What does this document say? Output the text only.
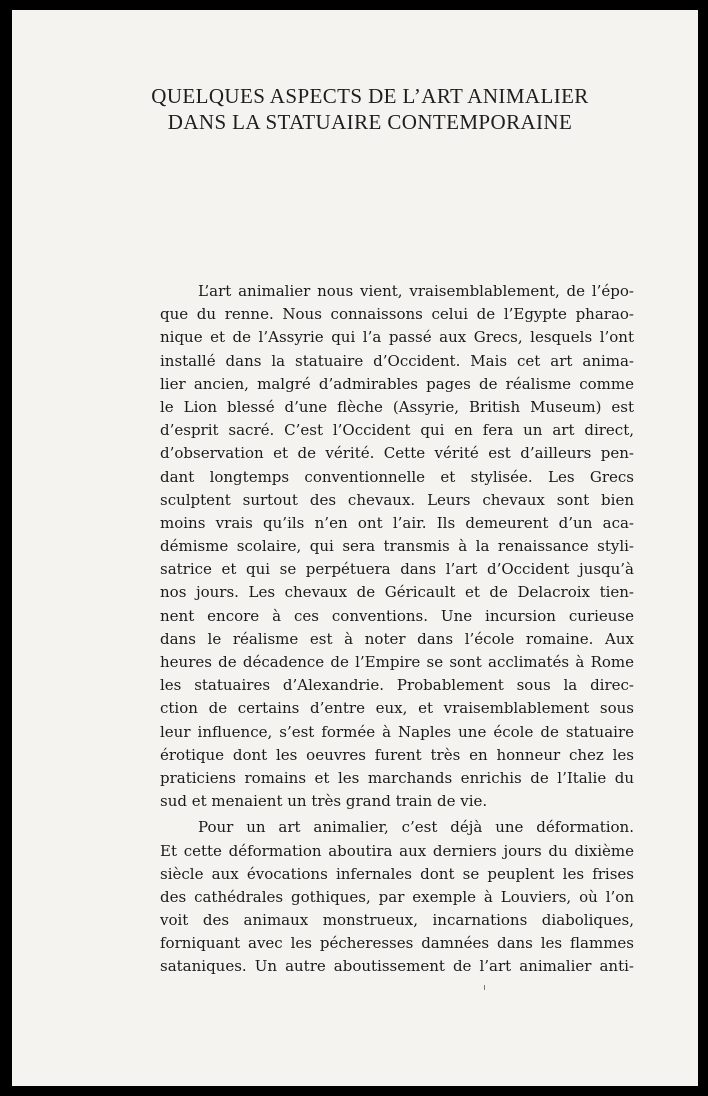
QUELQUES ASPECTS DE L’ART ANIMALIER
DANS LA STATUAIRE CONTEMPORAINE
L’art animalier nous vient, vraisemblablement, de l’épo-
que du renne. Nous connaissons celui de l’Egypte pharao-
nique et de l’Assyrie qui l’a passé aux Grecs, lesquels l’ont
installé dans la statuaire d’Occident. Mais cet art anima-
lier ancien, malgré d’admirables pages de réalisme comme
le Lion blessé d’une flèche (Assyrie, British Museum) est
d’esprit sacré. C’est l’Occident qui en fera un art direct,
d’observation et de vérité. Cette vérité est d’ailleurs pen-
dant longtemps conventionnelle et stylisée. Les Grecs
sculptent surtout des chevaux. Leurs chevaux sont bien
moins vrais qu’ils n’en ont l’air. Ils demeurent d’un aca-
démisme scolaire, qui sera transmis à la renaissance styli-
satrice et qui se perpétuera dans l’art d’Occident jusqu’à
nos jours. Les chevaux de Géricault et de Delacroix tien-
nent encore à ces conventions. Une incursion curieuse
dans le réalisme est à noter dans l’école romaine. Aux
heures de décadence de l’Empire se sont acclimatés à Rome
les statuaires d’Alexandrie. Probablement sous la direc-
ction de certains d’entre eux, et vraisemblablement sous
leur influence, s’est formée à Naples une école de statuaire
érotique dont les oeuvres furent très en honneur chez les
praticiens romains et les marchands enrichis de l’Italie du
sud et menaient un très grand train de vie.
Pour un art animalier, c’est déjà une déformation.
Et cette déformation aboutira aux derniers jours du dixième
siècle aux évocations infernales dont se peuplent les frises
des cathédrales gothiques, par exemple à Louviers, où l’on
voit des animaux monstrueux, incarnations diaboliques,
forniquant avec les pécheresses damnées dans les flammes
sataniques. Un autre aboutissement de l’art animalier anti-
